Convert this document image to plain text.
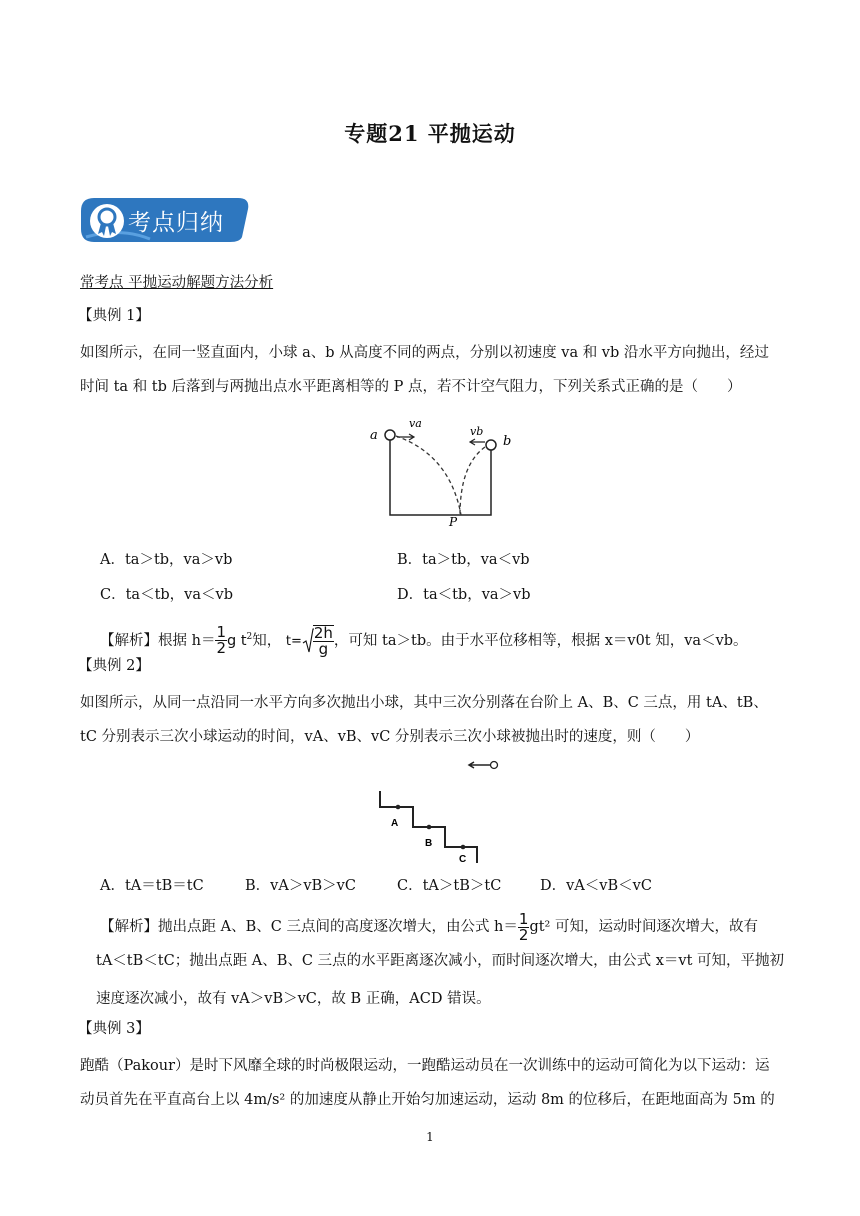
专题21 平抛运动
考点归纳
常考点 平抛运动解题方法分析
【典例 1】
如图所示，在同一竖直面内，小球 a、b 从高度不同的两点，分别以初速度 va 和 vb 沿水平方向抛出，经过
时间 ta 和 tb 后落到与两抛出点水平距离相等的 P 点，若不计空气阻力，下列关系式正确的是（　　）
a	b
va
vb
P
A．ta＞tb，va＞vb	B．ta＞tb，va＜vb
C．ta＜tb，va＜vb	D．ta＜tb，va＞vb
【解析】根据 $h= \frac{1}{2}$ g $t^2$知， $t= \frac{2h}{g}$ ，可知 ta＞tb。由于水平位移相等，根据 x＝v0t 知，va＜vb。
【典例 2】
如图所示，从同一点沿同一水平方向多次抛出小球，其中三次分别落在台阶上 A、B、C 三点，用 tA、tB、
tC 分别表示三次小球运动的时间，vA、vB、vC 分别表示三次小球被抛出时的速度，则（　　）
A
B
C
A．tA＝tB＝tC	B．vA＞vB＞vC	C．tA＞tB＞tC	D．vA＜vB＜vC
【解析】抛出点距 A、B、C 三点间的高度逐次增大，由公式 $h= \frac{1}{2} gt^2$ 可知，运动时间逐次增大，故有
tA＜tB＜tC；抛出点距 A、B、C 三点的水平距离逐次减小，而时间逐次增大，由公式 x＝vt 可知，平抛初
速度逐次减小，故有 vA＞vB＞vC，故 B 正确，ACD 错误。
【典例 3】
跑酷（Pakour）是时下风靡全球的时尚极限运动，一跑酷运动员在一次训练中的运动可简化为以下运动：运
动员首先在平直高台上以 4m/s² 的加速度从静止开始匀加速运动，运动 8m 的位移后，在距地面高为 5m 的
1
